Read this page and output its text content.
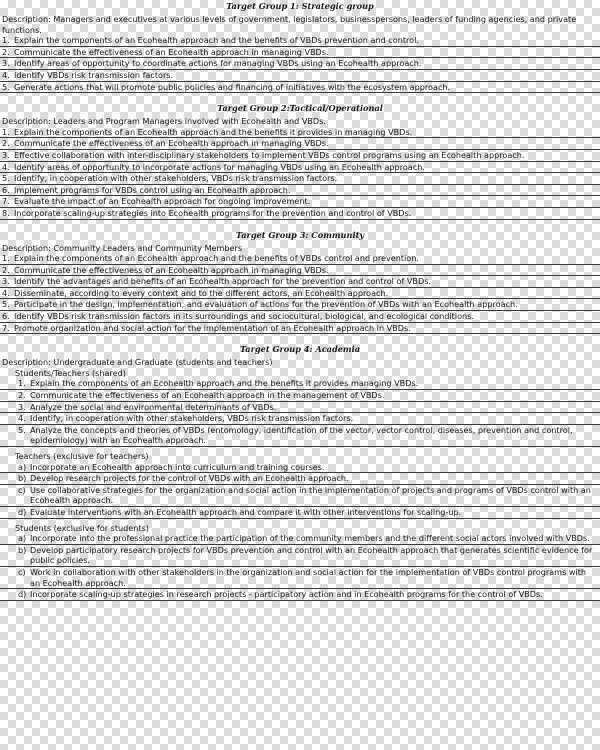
Target Group 1: Strategic group

Description: Managers and executives at various levels of government, legislators, businesspersons, leaders of funding agencies, and private functions.

1. Explain the components of an Ecohealth approach and the benefits of VBDs prevention and control.
2. Communicate the effectiveness of an Ecohealth approach in managing VBDs.
3. Identify areas of opportunity to coordinate actions for managing VBDs using an Ecohealth approach.
4. Identify VBDs risk transmission factors.
5. Generate actions that will promote public policies and financing of initiatives with the ecosystem approach.
Target Group 2:Tactical/Operational

Description: Leaders and Program Managers involved with Ecohealth and VBDs.

1. Explain the components of an Ecohealth approach and the benefits it provides in managing VBDs.
2. Communicate the effectiveness of an Ecohealth approach in managing VBDs.
3. Effective collaboration with inter-disciplinary stakeholders to implement VBDs control programs using an Ecohealth approach.
4. Identify areas of opportunity to incorporate actions for managing VBDs using an Ecohealth approach.
5. Identify, in cooperation with other stakeholders, VBDs risk transmission factors.
6. Implement programs for VBDs control using an Ecohealth approach.
7. Evaluate the impact of an Ecohealth approach for ongoing improvement.
8. Incorporate scaling-up strategies into Ecohealth programs for the prevention and control of VBDs.
Target Group 3: Community

Description: Community Leaders and Community Members

1. Explain the components of an Ecohealth approach and the benefits of VBDs control and prevention.
2. Communicate the effectiveness of an Ecohealth approach in managing VBDs.
3. Identify the advantages and benefits of an Ecohealth approach for the prevention and control of VBDs.
4. Disseminate, according to every context and to the different actors, an Ecohealth approach.
5. Participate in the design, implementation, and evaluation of actions for the prevention of VBDs with an Ecohealth approach.
6. Identify VBDs risk transmission factors in its surroundings and sociocultural, biological, and ecological conditions.
7. Promote organization and social action for the implementation of an Ecohealth approach in VBDs.
Target Group 4: Academia

Description: Undergraduate and Graduate (students and teachers)

Students/Teachers (shared)

1. Explain the components of an Ecohealth approach and the benefits it provides managing VBDs.
2. Communicate the effectiveness of an Ecohealth approach in the management of VBDs.
3. Analyze the social and environmental determinants of VBDs.
4. Identify, in cooperation with other stakeholders, VBDs risk transmission factors.
5. Analyze the concepts and theories of VBDs (entomology, identification of the vector, vector control, diseases, prevention and control, epidemiology) with an Ecohealth approach.

Teachers (exclusive for teachers)

a) Incorporate an Ecohealth approach into curriculum and training courses.
b) Develop research projects for the control of VBDs with an Ecohealth approach.
c) Use collaborative strategies for the organization and social action in the implementation of projects and programs of VBDs control with an Ecohealth approach.
d) Evaluate interventions with an Ecohealth approach and compare it with other interventions for scaling-up.

Students (exclusive for students)

a) Incorporate into the professional practice the participation of the community members and the different social actors involved with VBDs.
b) Develop participatory research projects for VBDs prevention and control with an Ecohealth approach that generates scientific evidence for public policies.
c) Work in collaboration with other stakeholders in the organization and social action for the implementation of VBDs control programs with an Ecohealth approach.
d) Incorporate scaling-up strategies in research projects - participatory action and in Ecohealth programs for the control of VBDs.
